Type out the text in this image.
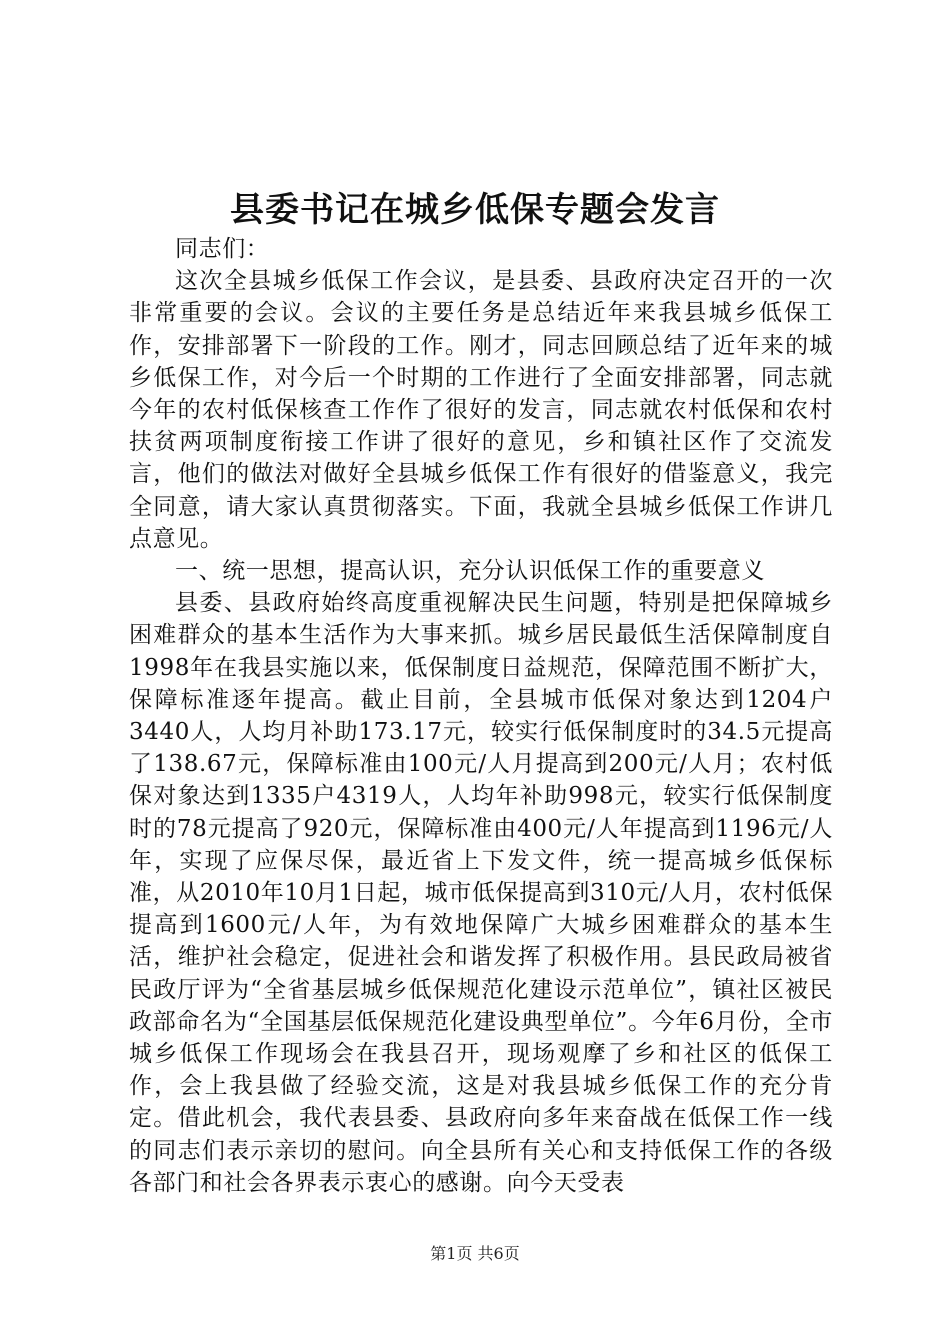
县委书记在城乡低保专题会发言

同志们：

这次全县城乡低保工作会议，是县委、县政府决定召开的一次非常重要的会议。会议的主要任务是总结近年来我县城乡低保工作，安排部署下一阶段的工作。刚才，同志回顾总结了近年来的城乡低保工作，对今后一个时期的工作进行了全面安排部署，同志就今年的农村低保核查工作作了很好的发言，同志就农村低保和农村扶贫两项制度衔接工作讲了很好的意见，乡和镇社区作了交流发言，他们的做法对做好全县城乡低保工作有很好的借鉴意义，我完全同意，请大家认真贯彻落实。下面，我就全县城乡低保工作讲几点意见。

一、统一思想，提高认识，充分认识低保工作的重要意义

县委、县政府始终高度重视解决民生问题，特别是把保障城乡困难群众的基本生活作为大事来抓。城乡居民最低生活保障制度自1998年在我县实施以来，低保制度日益规范，保障范围不断扩大，保障标准逐年提高。截止目前，全县城市低保对象达到1204户3440人，人均月补助173.17元，较实行低保制度时的34.5元提高了138.67元，保障标准由100元/人月提高到200元/人月；农村低保对象达到1335户4319人，人均年补助998元，较实行低保制度时的78元提高了920元，保障标准由400元/人年提高到1196元/人年，实现了应保尽保，最近省上下发文件，统一提高城乡低保标准，从2010年10月1日起，城市低保提高到310元/人月，农村低保提高到1600元/人年，为有效地保障广大城乡困难群众的基本生活，维护社会稳定，促进社会和谐发挥了积极作用。县民政局被省民政厅评为“全省基层城乡低保规范化建设示范单位”，镇社区被民政部命名为“全国基层低保规范化建设典型单位”。今年6月份，全市城乡低保工作现场会在我县召开，现场观摩了乡和社区的低保工作，会上我县做了经验交流，这是对我县城乡低保工作的充分肯定。借此机会，我代表县委、县政府向多年来奋战在低保工作一线的同志们表示亲切的慰问。向全县所有关心和支持低保工作的各级各部门和社会各界表示衷心的感谢。向今天受表

第1页 共6页
